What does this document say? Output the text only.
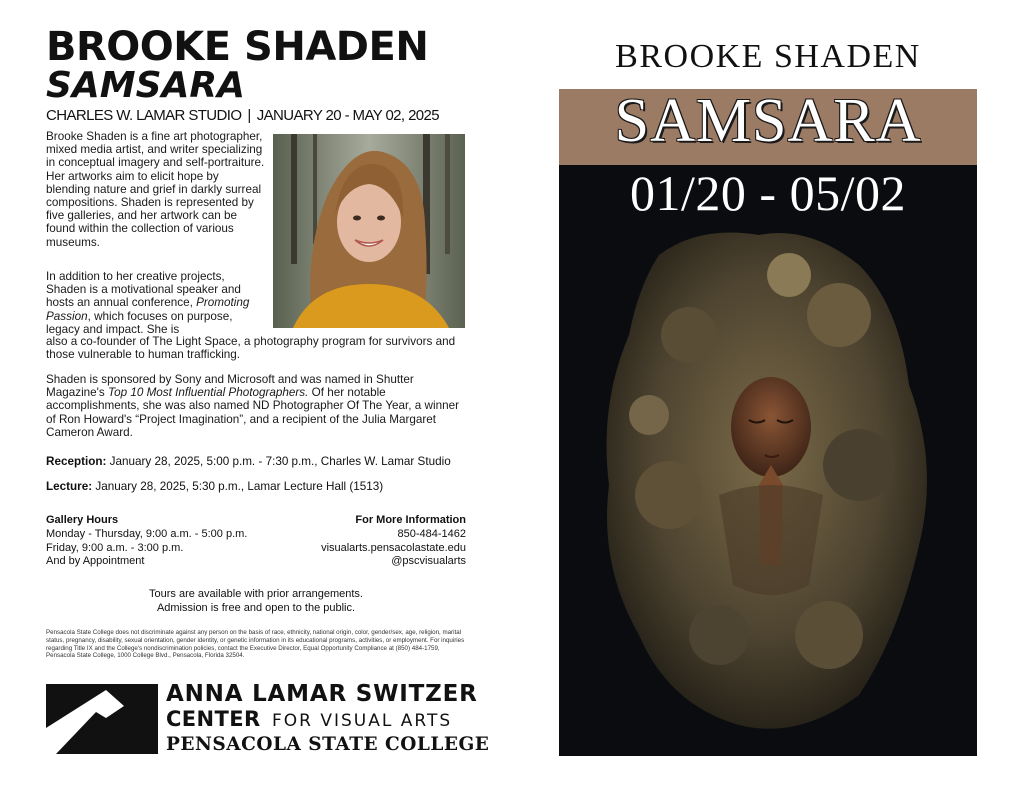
BROOKE SHADEN
SAMSARA
CHARLES W. LAMAR STUDIO | JANUARY 20 - MAY 02, 2025
Brooke Shaden is a fine art photographer, mixed media artist, and writer specializing in conceptual imagery and self-portraiture. Her artworks aim to elicit hope by blending nature and grief in darkly surreal compositions. Shaden is represented by five galleries, and her artwork can be found within the collection of various museums.
In addition to her creative projects, Shaden is a motivational speaker and hosts an annual conference, Promoting Passion, which focuses on purpose, legacy and impact. She is
also a co-founder of The Light Space, a photography program for survivors and those vulnerable to human trafficking.
Shaden is sponsored by Sony and Microsoft and was named in Shutter Magazine's Top 10 Most Influential Photographers. Of her notable accomplishments, she was also named ND Photographer Of The Year, a winner of Ron Howard's “Project Imagination”, and a recipient of the Julia Margaret Cameron Award.
Reception: January 28, 2025, 5:00 p.m. - 7:30 p.m., Charles W. Lamar Studio
Lecture: January 28, 2025, 5:30 p.m., Lamar Lecture Hall (1513)
Gallery Hours
Monday - Thursday, 9:00 a.m. - 5:00 p.m.
Friday, 9:00 a.m. - 3:00 p.m.
And by Appointment
For More Information
850-484-1462
visualarts.pensacolastate.edu
@pscvisualarts
Tours are available with prior arrangements.
Admission is free and open to the public.
Pensacola State College does not discriminate against any person on the basis of race, ethnicity, national origin, color, gender/sex, age, religion, marital status, pregnancy, disability, sexual orientation, gender identity, or genetic information in its educational programs, activities, or employment. For inquiries regarding Title IX and the College's nondiscrimination policies, contact the Executive Director, Equal Opportunity Compliance at (850) 484-1759, Pensacola State College, 1000 College Blvd., Pensacola, Florida 32504.
ANNA LAMAR SWITZER
CENTER FOR VISUAL ARTS
PENSACOLA STATE COLLEGE
BROOKE SHADEN
SAMSARA
01/20 - 05/02
